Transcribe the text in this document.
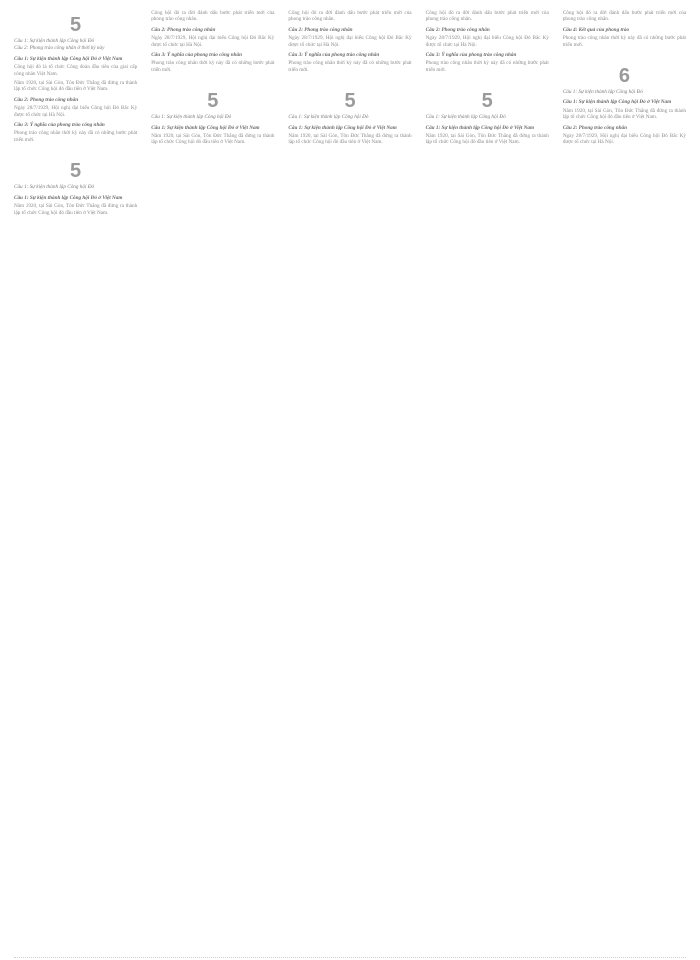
5
Câu 1: Sự kiện thành lập Công hội Đỏ
Câu 2: Phong trào công nhân ở thời kỳ này
Câu 1: Sự kiện thành lập Công hội Đỏ ở Việt Nam
Công hội đỏ là tổ chức Công đoàn đầu tiên của giai cấp công nhân Việt Nam.
Năm 1920, tại Sài Gòn, Tôn Đức Thắng đã đứng ra thành lập tổ chức Công hội đỏ đầu tiên ở Việt Nam.
Câu 2: Phong trào công nhân
Ngày 28/7/1929, Hội nghị đại biểu Công hội Đỏ Bắc Kỳ được tổ chức tại Hà Nội.
Câu 3: Ý nghĩa của phong trào công nhân
Phong trào công nhân thời kỳ này đã có những bước phát triển mới.
5
Câu 1: Sự kiện thành lập Công hội Đỏ
Câu 1: Sự kiện thành lập Công hội Đỏ ở Việt Nam
Năm 1920, tại Sài Gòn, Tôn Đức Thắng đã đứng ra thành lập tổ chức Công hội đỏ đầu tiên ở Việt Nam.
Công hội đỏ ra đời đánh dấu bước phát triển mới của phong trào công nhân.
Câu 2: Phong trào công nhân
Ngày 28/7/1929, Hội nghị đại biểu Công hội Đỏ Bắc Kỳ được tổ chức tại Hà Nội.
Câu 3: Ý nghĩa của phong trào công nhân
Phong trào công nhân thời kỳ này đã có những bước phát triển mới.
5
Câu 1: Sự kiện thành lập Công hội Đỏ
Câu 1: Sự kiện thành lập Công hội Đỏ ở Việt Nam
Năm 1920, tại Sài Gòn, Tôn Đức Thắng đã đứng ra thành lập tổ chức Công hội đỏ đầu tiên ở Việt Nam.
Công hội đỏ ra đời đánh dấu bước phát triển mới của phong trào công nhân.
Câu 2: Phong trào công nhân
Ngày 28/7/1929, Hội nghị đại biểu Công hội Đỏ Bắc Kỳ được tổ chức tại Hà Nội.
Câu 3: Ý nghĩa của phong trào công nhân
Phong trào công nhân thời kỳ này đã có những bước phát triển mới.
5
Câu 1: Sự kiện thành lập Công hội Đỏ
Câu 1: Sự kiện thành lập Công hội Đỏ ở Việt Nam
Năm 1920, tại Sài Gòn, Tôn Đức Thắng đã đứng ra thành lập tổ chức Công hội đỏ đầu tiên ở Việt Nam.
Công hội đỏ ra đời đánh dấu bước phát triển mới của phong trào công nhân.
Câu 2: Phong trào công nhân
Ngày 28/7/1929, Hội nghị đại biểu Công hội Đỏ Bắc Kỳ được tổ chức tại Hà Nội.
Câu 3: Ý nghĩa của phong trào công nhân
Phong trào công nhân thời kỳ này đã có những bước phát triển mới.
5
Câu 1: Sự kiện thành lập Công hội Đỏ
Câu 1: Sự kiện thành lập Công hội Đỏ ở Việt Nam
Năm 1920, tại Sài Gòn, Tôn Đức Thắng đã đứng ra thành lập tổ chức Công hội đỏ đầu tiên ở Việt Nam.
Công hội đỏ ra đời đánh dấu bước phát triển mới của phong trào công nhân.
Câu 4: Kết quả của phong trào
Phong trào công nhân thời kỳ này đã có những bước phát triển mới.
6
Câu 1: Sự kiện thành lập Công hội Đỏ
Câu 1: Sự kiện thành lập Công hội Đỏ ở Việt Nam
Năm 1920, tại Sài Gòn, Tôn Đức Thắng đã đứng ra thành lập tổ chức Công hội đỏ đầu tiên ở Việt Nam.
Câu 2: Phong trào công nhân
Ngày 28/7/1929, Hội nghị đại biểu Công hội Đỏ Bắc Kỳ được tổ chức tại Hà Nội.
